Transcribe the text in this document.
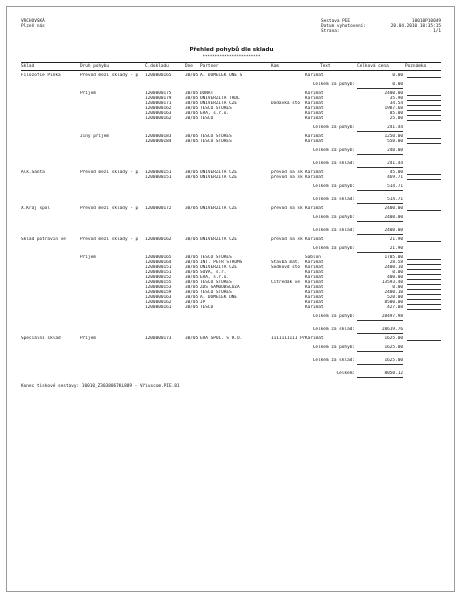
VRCHOVSKÁ
Plzeň nás
Sestava PEE
Datum vyhotovení:
Strana:
10010P10049
20.04.2010 10:35:15
1/1
Přehled pohybů dle skladu
************************
Sklad	Druh pohybu	Č.dokladu	Dne Partner	Kam	Text	Celková cena	Poznámka
Filozofie Pinka	Převod mezi sklady - p	1200000165	30/05 A. DOMEČEK ONE S	Karimat	0.00
Celkem za pohyb:	0.00
Příjem	1200000175	30/05 DONÁT	Karimat	2400.00
1200000179	30/05 UNIVERZITA TRDL	Karimat	35.90
1200000171	30/05 UNIVERZITA ČZE	Dodavka sto	Karimat	34.54
1200000162	30/05 TESCO STORES	Karimat	1987.60
1200000163	30/05 ERA, s.r.o.	Karimat	85.00
1200000162	30/05 TESCO	Karimat	25.00
Celkem za pohyb:	241.44
Jiný příjem	1200000183	30/05 TESCO STORES	Karimat	1250.00
1200000184	30/05 TESCO STORES	Karimat	550.00
Celkem za pohyb:	240.00
Celkem za sklad:	241.44
Alk.Santa	Převod mezi sklady - p	1200000151	30/05 UNIVERZITA ČZE	převod na sk Karimat	45.00
1200000151	30/05 UNIVERZITA ČZE	převod na sk Karimat	469.71
Celkem za pohyb:	514.71
Celkem za sklad:	514.71
X.Kraj spol	Převod mezi sklady - p	1200000172	30/05 UNIVERZITA ČZE	převod na sk Karimat	2400.00
Celkem za pohyb:	2400.00
Celkem za sklad:	2400.00
Sklad potravin ve	Převod mezi sklady - p	1200000162	30/05 UNIVERZITA ČZE	převod na sk Karimat	21.90
Celkem za pohyb:	21.90
Příjem	1200000165	30/05 TESCO STORES	Šablon	1705.00
1200000164	30/05 INT. PETR STROMS	Stavba mat.	Karimat	28.58
1200000151	30/05 UNIVERZITA ČZE	Sodkovd sto	Karimat	2400.10
1200000151	30/05 SOVA, s.r.	Karimat	0.00
1200000152	30/05 ERA, s.r.o.	Karimat	400.00
1200000155	30/05 TESCO STORES	Cítredák ve	Karimat	13593.40
1200000153	30/05 ZDS SAMOOBSLUZA	Karimat	0.00
1200000159	30/05 TESCO STORES	Karimat	2400.10
1200000163	30/05 A. DOMEČEK ONE	Karimat	520.00
1200000162	30/05 JP	Karimat	8500.00
1200000161	30/05 TESCO	Karimat	427.08
Celkem za pohyb:	28497.98
Celkem za sklad:	28619.76
Speciální sklad	Příjem	1200000173	30/05 ERA SPOL. S R.O.	1111111111 Pr Karimat	1625.00
Celkem za pohyb:	1625.00
Celkem za sklad:	1625.00
Celkem:	8050.12
Konec tiskové sestavy: 10010_Z3038067KL889 - Vřiuscom.PIE.01
